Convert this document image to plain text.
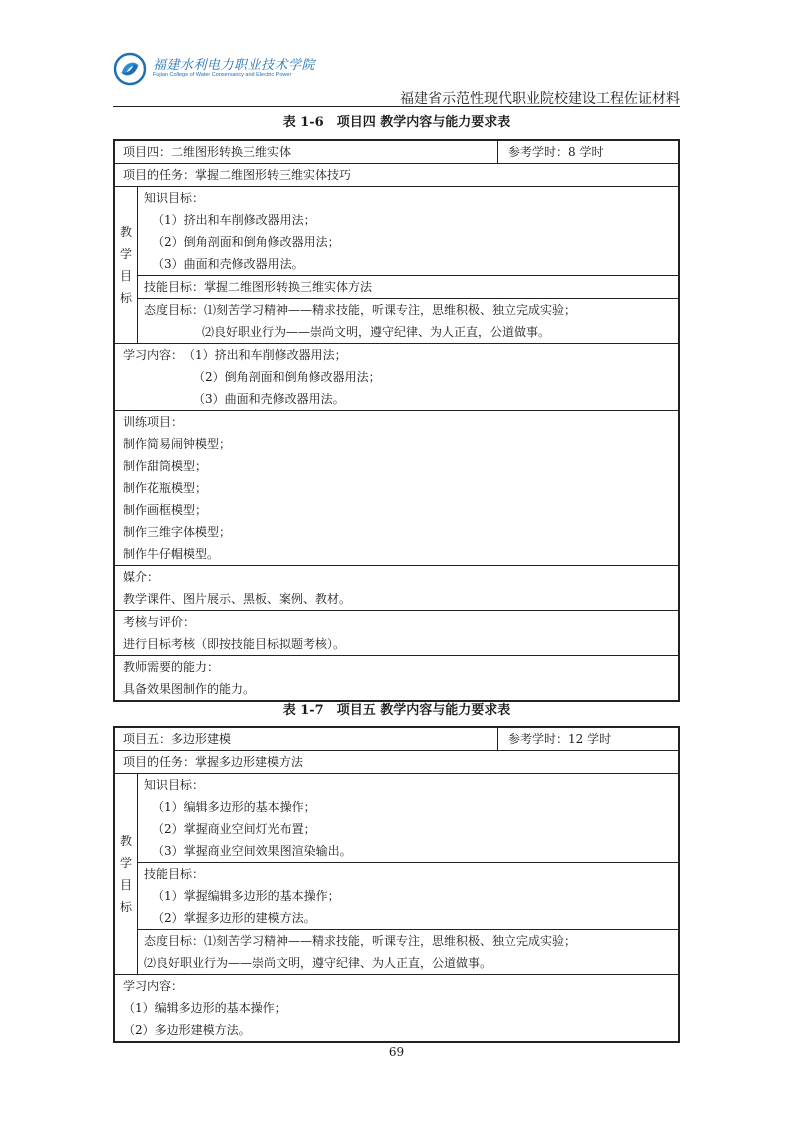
福建水利电力职业技术学院
Fujian College of Water Conservancy and Electric Power
福建省示范性现代职业院校建设工程佐证材料
表 1-6　项目四 教学内容与能力要求表
项目四：二维图形转换三维实体	参考学时：8 学时
项目的任务：掌握二维图形转三维实体技巧
教
学
目
标
知识目标：
（1）挤出和车削修改器用法；
（2）倒角剖面和倒角修改器用法；
（3）曲面和壳修改器用法。
技能目标：掌握二维图形转换三维实体方法
态度目标：⑴刻苦学习精神——精求技能，听课专注，思维积极、独立完成实验；
⑵良好职业行为——崇尚文明，遵守纪律、为人正直，公道做事。
学习内容：　（1）挤出和车削修改器用法；
（2）倒角剖面和倒角修改器用法；
（3）曲面和壳修改器用法。
训练项目：
制作简易闹钟模型；
制作甜筒模型；
制作花瓶模型；
制作画框模型；
制作三维字体模型；
制作牛仔帽模型。
媒介：
教学课件、图片展示、黑板、案例、教材。
考核与评价：
进行目标考核（即按技能目标拟题考核）。
教师需要的能力：
具备效果图制作的能力。
表 1-7　项目五 教学内容与能力要求表
项目五：多边形建模	参考学时：12 学时
项目的任务：掌握多边形建模方法
教
学
目
标
知识目标：
（1）编辑多边形的基本操作；
（2）掌握商业空间灯光布置；
（3）掌握商业空间效果图渲染输出。
技能目标：
（1）掌握编辑多边形的基本操作；
（2）掌握多边形的建模方法。
态度目标：⑴刻苦学习精神——精求技能，听课专注，思维积极、独立完成实验；
⑵良好职业行为——崇尚文明，遵守纪律、为人正直，公道做事。
学习内容：
（1）编辑多边形的基本操作；
（2）多边形建模方法。
69
